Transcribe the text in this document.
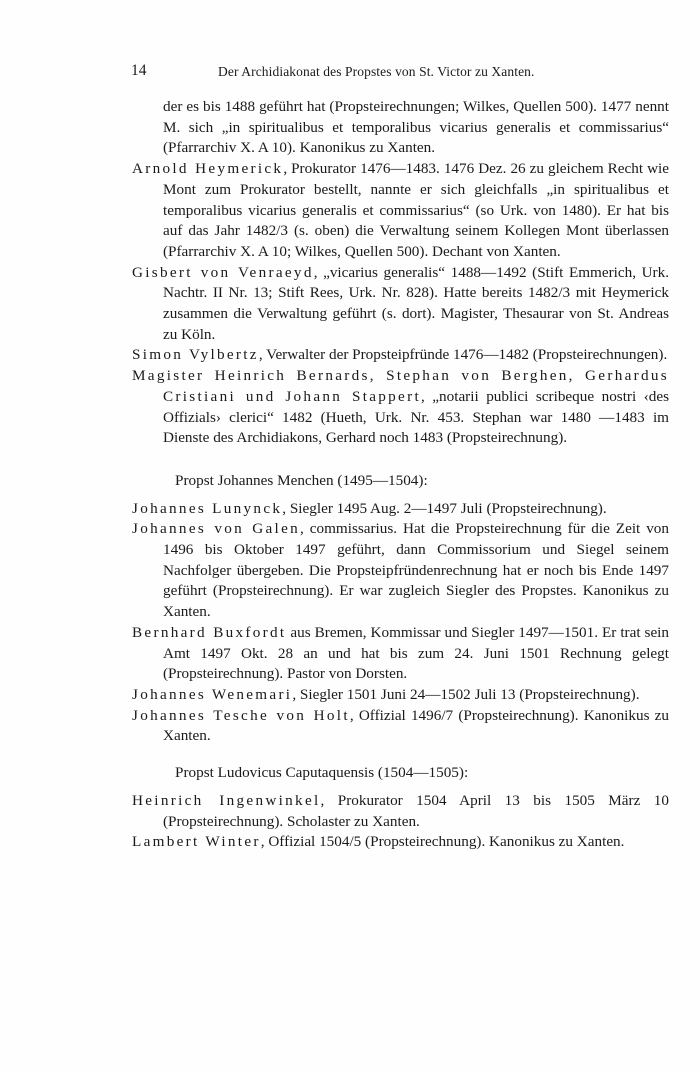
14	Der Archidiakonat des Propstes von St. Victor zu Xanten.

der es bis 1488 geführt hat (Propsteirechnungen; Wilkes, Quellen 500). 1477 nennt M. sich „in spiritualibus et temporalibus vicarius generalis et commissarius“ (Pfarrarchiv X. A 10). Kanonikus zu Xanten.

Arnold Heymerick, Prokurator 1476—1483. 1476 Dez. 26 zu gleichem Recht wie Mont zum Prokurator bestellt, nannte er sich gleichfalls „in spiritualibus et temporalibus vicarius generalis et commissarius“ (so Urk. von 1480). Er hat bis auf das Jahr 1482/3 (s. oben) die Verwaltung seinem Kollegen Mont überlassen (Pfarrarchiv X. A 10; Wilkes, Quellen 500). Dechant von Xanten.

Gisbert von Venraeyd, „vicarius generalis“ 1488—1492 (Stift Emmerich, Urk. Nachtr. II Nr. 13; Stift Rees, Urk. Nr. 828). Hatte bereits 1482/3 mit Heymerick zusammen die Verwaltung geführt (s. dort). Magister, Thesaurar von St. Andreas zu Köln.

Simon Vylbertz, Verwalter der Propsteipfründe 1476—1482 (Propsteirechnungen).

Magister Heinrich Bernards, Stephan von Berghen, Gerhardus Cristiani und Johann Stappert, „notarii publici scribeque nostri ‹des Offizials› clerici“ 1482 (Hueth, Urk. Nr. 453. Stephan war 1480 —1483 im Dienste des Archidiakons, Gerhard noch 1483 (Propsteirechnung).

Propst Johannes Menchen (1495—1504):

Johannes Lunynck, Siegler 1495 Aug. 2—1497 Juli (Propsteirechnung).

Johannes von Galen, commissarius. Hat die Propsteirechnung für die Zeit von 1496 bis Oktober 1497 geführt, dann Commissorium und Siegel seinem Nachfolger übergeben. Die Propsteipfründenrechnung hat er noch bis Ende 1497 geführt (Propsteirechnung). Er war zugleich Siegler des Propstes. Kanonikus zu Xanten.

Bernhard Buxfordt aus Bremen, Kommissar und Siegler 1497—1501. Er trat sein Amt 1497 Okt. 28 an und hat bis zum 24. Juni 1501 Rechnung gelegt (Propsteirechnung). Pastor von Dorsten.

Johannes Wenemari, Siegler 1501 Juni 24—1502 Juli 13 (Propsteirechnung).

Johannes Tesche von Holt, Offizial 1496/7 (Propsteirechnung). Kanonikus zu Xanten.

Propst Ludovicus Caputaquensis (1504—1505):

Heinrich Ingenwinkel, Prokurator 1504 April 13 bis 1505 März 10 (Propsteirechnung). Scholaster zu Xanten.

Lambert Winter, Offizial 1504/5 (Propsteirechnung). Kanonikus zu Xanten.
